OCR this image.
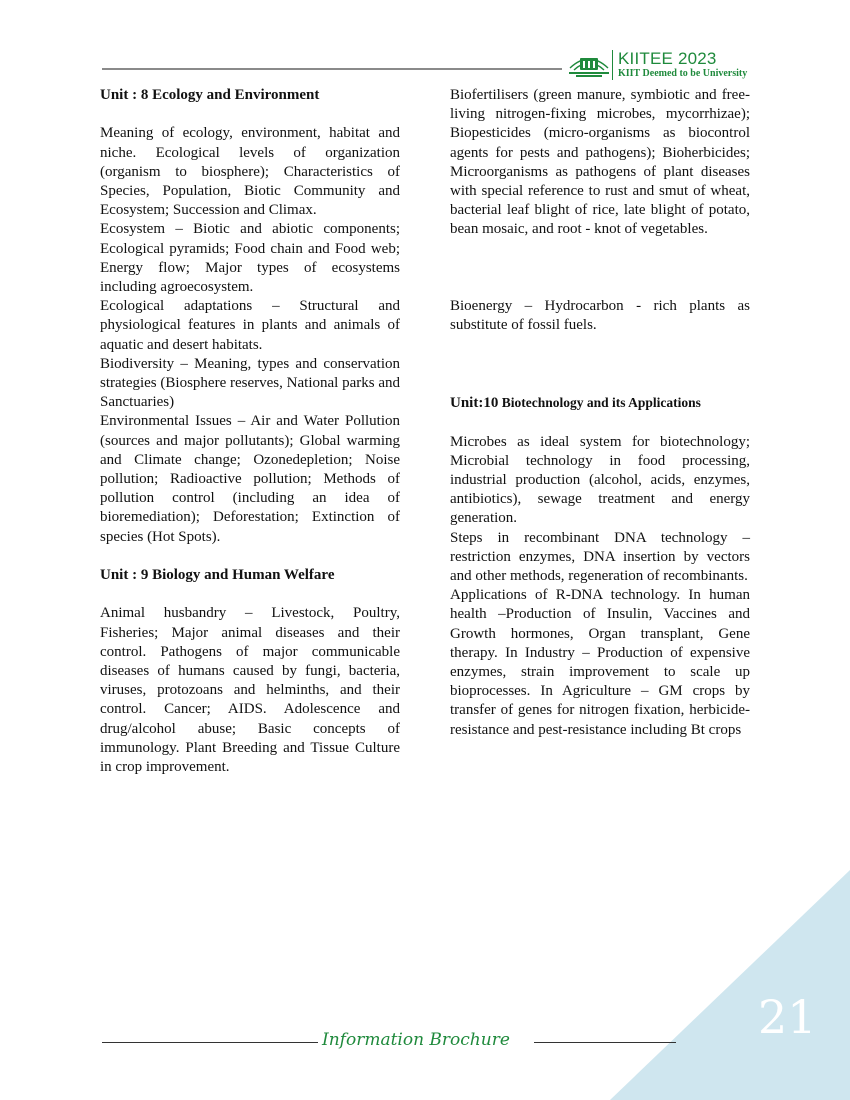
KIITEE 2023
KIIT Deemed to be University

Unit : 8 Ecology and Environment

Meaning of ecology, environment, habitat and niche. Ecological levels of organization (organism to biosphere); Characteristics of Species, Population, Biotic Community and Ecosystem; Succession and Climax.

Ecosystem – Biotic and abiotic components; Ecological pyramids; Food chain and Food web; Energy flow; Major types of ecosystems including agroecosystem.

Ecological adaptations – Structural and physiological features in plants and animals of aquatic and desert habitats.

Biodiversity – Meaning, types and conservation strategies (Biosphere reserves, National parks and Sanctuaries)

Environmental Issues – Air and Water Pollution (sources and major pollutants); Global warming and Climate change; Ozonedepletion; Noise pollution; Radioactive pollution; Methods of pollution control (including an idea of bioremediation); Deforestation; Extinction of species (Hot Spots).

Unit : 9 Biology and Human Welfare

Animal husbandry – Livestock, Poultry, Fisheries; Major animal diseases and their control. Pathogens of major communicable diseases of humans caused by fungi, bacteria, viruses, protozoans and helminths, and their control. Cancer; AIDS. Adolescence and drug/alcohol abuse; Basic concepts of immunology. Plant Breeding and Tissue Culture in crop improvement.

Biofertilisers (green manure, symbiotic and free-living nitrogen-fixing microbes, mycorrhizae); Biopesticides (micro-organisms as biocontrol agents for pests and pathogens); Bioherbicides; Microorganisms as pathogens of plant diseases with special reference to rust and smut of wheat, bacterial leaf blight of rice, late blight of potato, bean mosaic, and root - knot of vegetables.

Bioenergy – Hydrocarbon - rich plants as substitute of fossil fuels.

Unit:10 Biotechnology and its Applications

Microbes as ideal system for biotechnology; Microbial technology in food processing, industrial production (alcohol, acids, enzymes, antibiotics), sewage treatment and energy generation.

Steps in recombinant DNA technology – restriction enzymes, DNA insertion by vectors and other methods, regeneration of recombinants.

Applications of R-DNA technology. In human health –Production of Insulin, Vaccines and Growth hormones, Organ transplant, Gene therapy. In Industry – Production of expensive enzymes, strain improvement to scale up bioprocesses. In Agriculture – GM crops by transfer of genes for nitrogen fixation, herbicide-resistance and pest-resistance including Bt crops

21
Information Brochure
